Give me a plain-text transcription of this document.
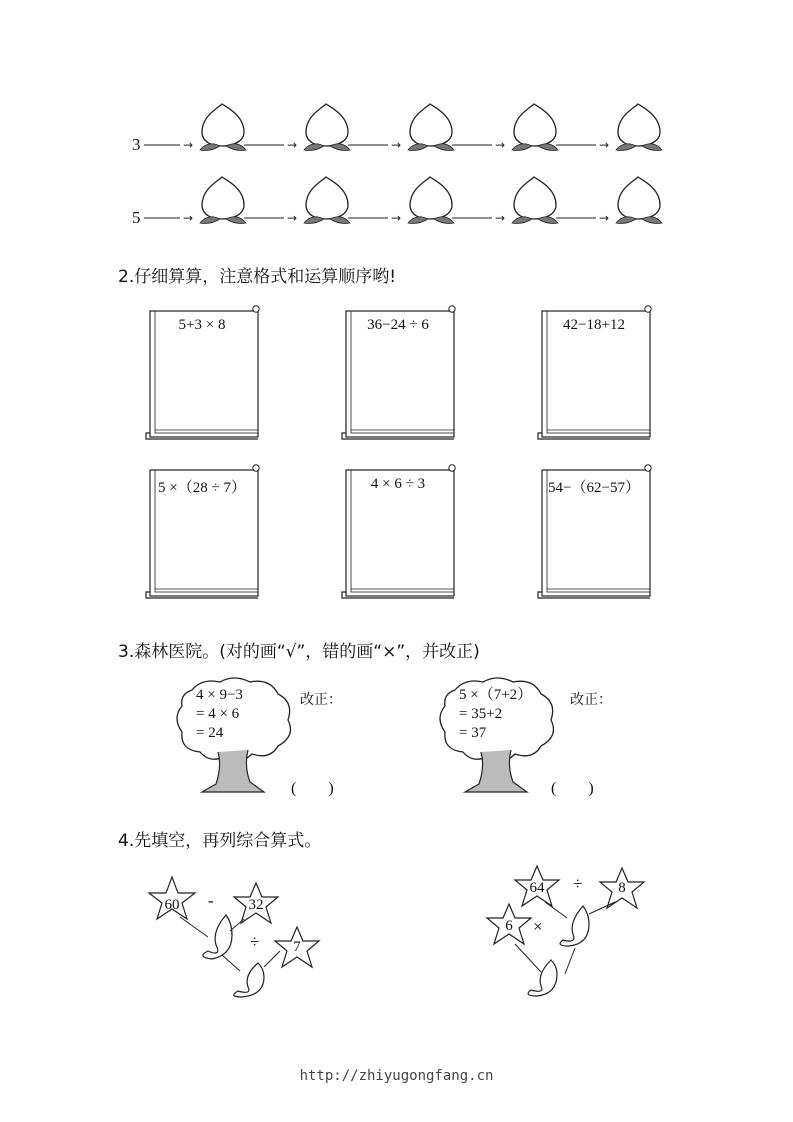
3	→	→	→	→	→
5	→	→	→	→	→
2.仔细算算，注意格式和运算顺序哟!
5+3 × 8	36−24 ÷ 6	42−18+12
5 ×（28 ÷ 7）	4 × 6 ÷ 3	54−（62−57）
3.森林医院。(对的画“√”，错的画“×”，并改正)
4 × 9−3
= 4 × 6
= 24
改正：
(　　)
5 ×（7+2）
= 35+2
= 37
改正：
(　　)
4.先填空，再列综合算式。
60	32
7
-
÷
64	8
6
÷
×
http://zhiyugongfang.cn
